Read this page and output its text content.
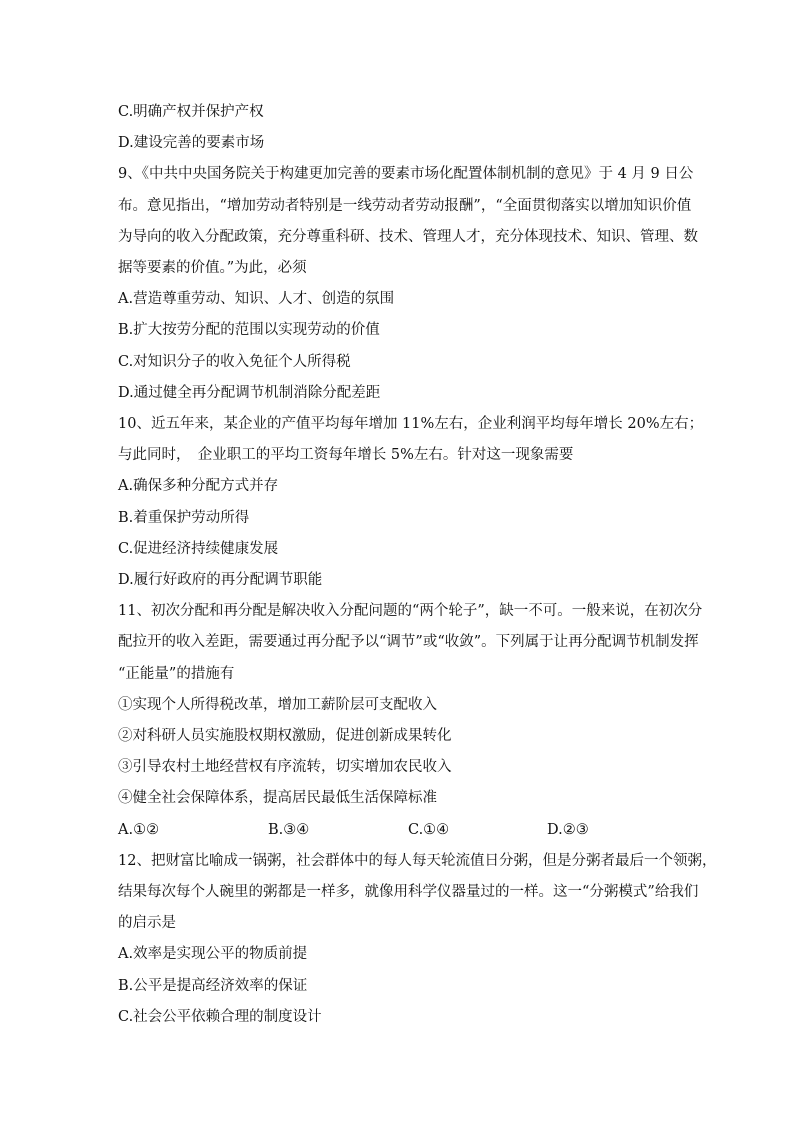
C.明确产权并保护产权
D.建设完善的要素市场
9、《中共中央国务院关于构建更加完善的要素市场化配置体制机制的意见》于 4 月 9 日公
布。意见指出，“增加劳动者特别是一线劳动者劳动报酬”，“全面贯彻落实以增加知识价值
为导向的收入分配政策，充分尊重科研、技术、管理人才，充分体现技术、知识、管理、数
据等要素的价值。”为此，必须
A.营造尊重劳动、知识、人才、创造的氛围
B.扩大按劳分配的范围以实现劳动的价值
C.对知识分子的收入免征个人所得税
D.通过健全再分配调节机制消除分配差距
10、近五年来，某企业的产值平均每年增加 11%左右，企业利润平均每年增长 20%左右；
与此同时，　企业职工的平均工资每年增长 5%左右。针对这一现象需要
A.确保多种分配方式并存
B.着重保护劳动所得
C.促进经济持续健康发展
D.履行好政府的再分配调节职能
11、初次分配和再分配是解决收入分配问题的“两个轮子”，缺一不可。一般来说，在初次分
配拉开的收入差距，需要通过再分配予以“调节”或“收敛”。下列属于让再分配调节机制发挥
“正能量”的措施有
①实现个人所得税改革，增加工薪阶层可支配收入
②对科研人员实施股权期权激励，促进创新成果转化
③引导农村土地经营权有序流转，切实增加农民收入
④健全社会保障体系，提高居民最低生活保障标准
A.①②	B.③④	C.①④	D.②③
12、把财富比喻成一锅粥，社会群体中的每人每天轮流值日分粥，但是分粥者最后一个领粥，
结果每次每个人碗里的粥都是一样多，就像用科学仪器量过的一样。这一“分粥模式”给我们
的启示是
A.效率是实现公平的物质前提
B.公平是提高经济效率的保证
C.社会公平依赖合理的制度设计
